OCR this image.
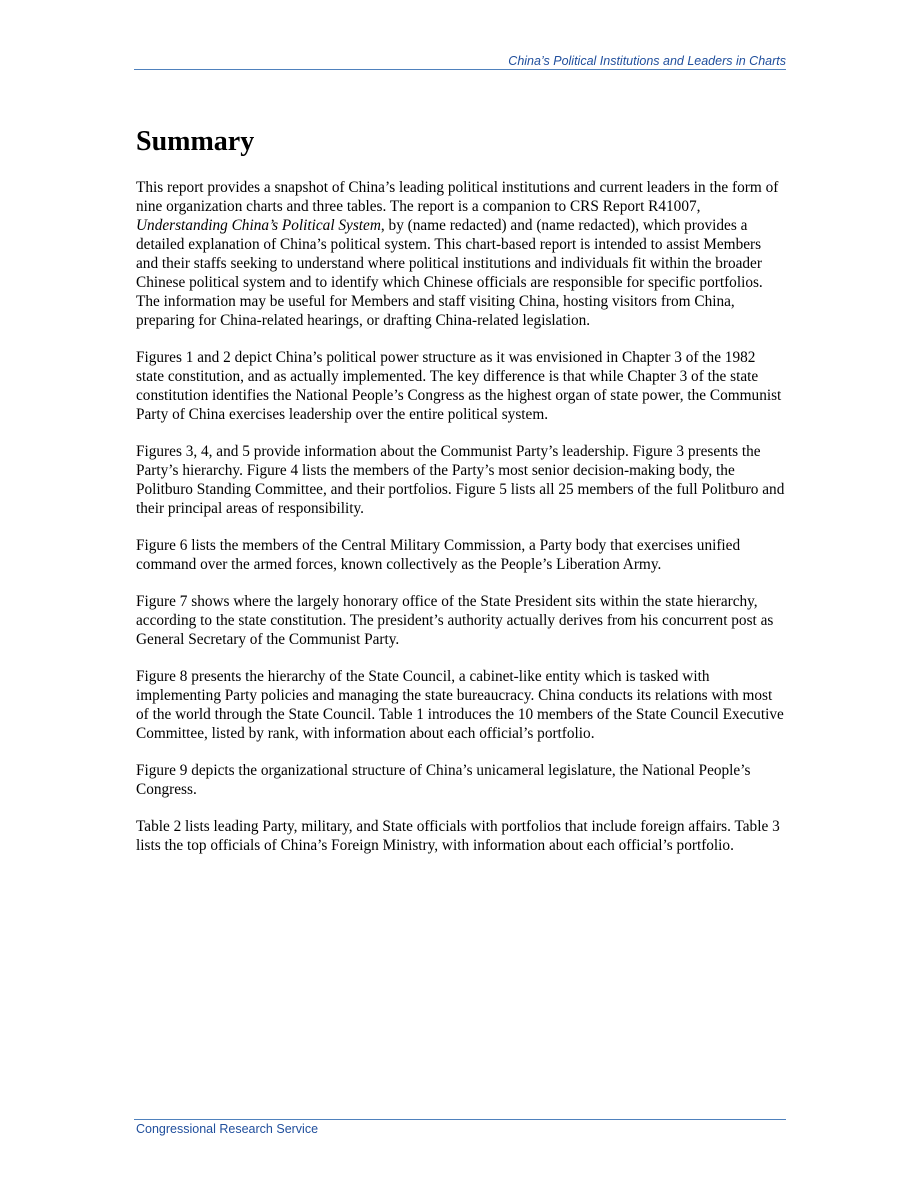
China’s Political Institutions and Leaders in Charts
Summary

This report provides a snapshot of China’s leading political institutions and current leaders in the form of nine organization charts and three tables. The report is a companion to CRS Report R41007, Understanding China’s Political System, by (name redacted) and (name redacted), which provides a detailed explanation of China’s political system. This chart-based report is intended to assist Members and their staffs seeking to understand where political institutions and individuals fit within the broader Chinese political system and to identify which Chinese officials are responsible for specific portfolios. The information may be useful for Members and staff visiting China, hosting visitors from China, preparing for China-related hearings, or drafting China-related legislation.

Figures 1 and 2 depict China’s political power structure as it was envisioned in Chapter 3 of the 1982 state constitution, and as actually implemented. The key difference is that while Chapter 3 of the state constitution identifies the National People’s Congress as the highest organ of state power, the Communist Party of China exercises leadership over the entire political system.

Figures 3, 4, and 5 provide information about the Communist Party’s leadership. Figure 3 presents the Party’s hierarchy. Figure 4 lists the members of the Party’s most senior decision-making body, the Politburo Standing Committee, and their portfolios. Figure 5 lists all 25 members of the full Politburo and their principal areas of responsibility.

Figure 6 lists the members of the Central Military Commission, a Party body that exercises unified command over the armed forces, known collectively as the People’s Liberation Army.

Figure 7 shows where the largely honorary office of the State President sits within the state hierarchy, according to the state constitution. The president’s authority actually derives from his concurrent post as General Secretary of the Communist Party.

Figure 8 presents the hierarchy of the State Council, a cabinet-like entity which is tasked with implementing Party policies and managing the state bureaucracy. China conducts its relations with most of the world through the State Council. Table 1 introduces the 10 members of the State Council Executive Committee, listed by rank, with information about each official’s portfolio.

Figure 9 depicts the organizational structure of China’s unicameral legislature, the National People’s Congress.

Table 2 lists leading Party, military, and State officials with portfolios that include foreign affairs. Table 3 lists the top officials of China’s Foreign Ministry, with information about each official’s portfolio.

Congressional Research Service
